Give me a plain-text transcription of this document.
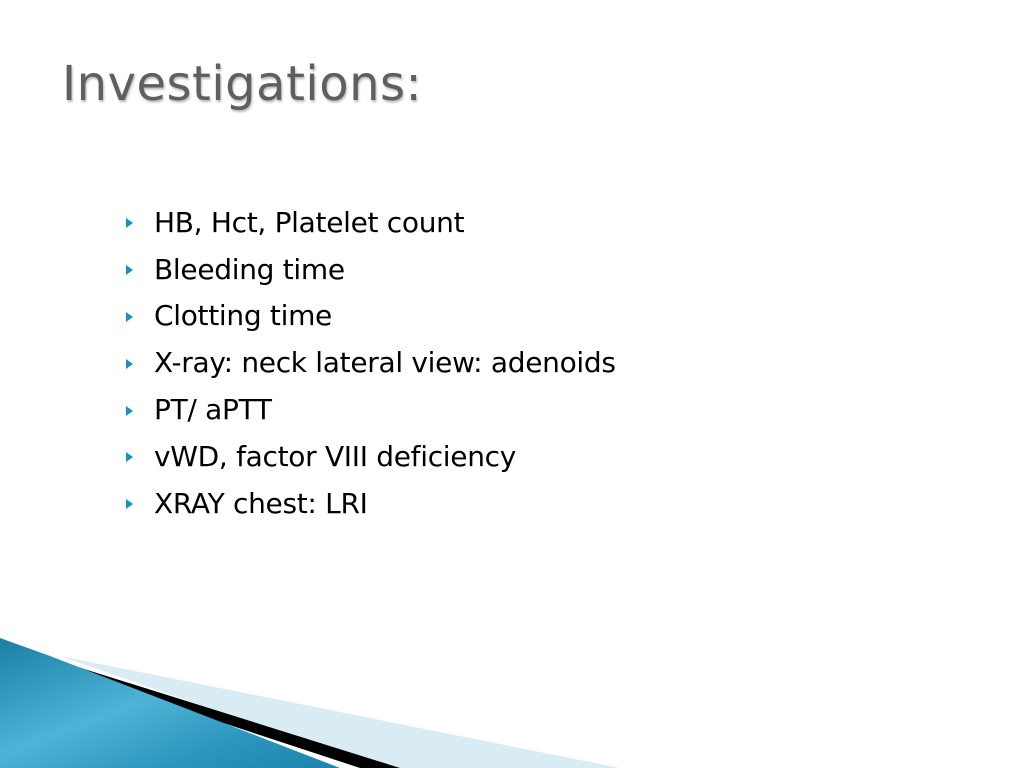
Investigations:
HB, Hct, Platelet count
Bleeding time
Clotting time
X-ray: neck lateral view: adenoids
PT/ aPTT
vWD, factor VIII deficiency
XRAY chest: LRI
